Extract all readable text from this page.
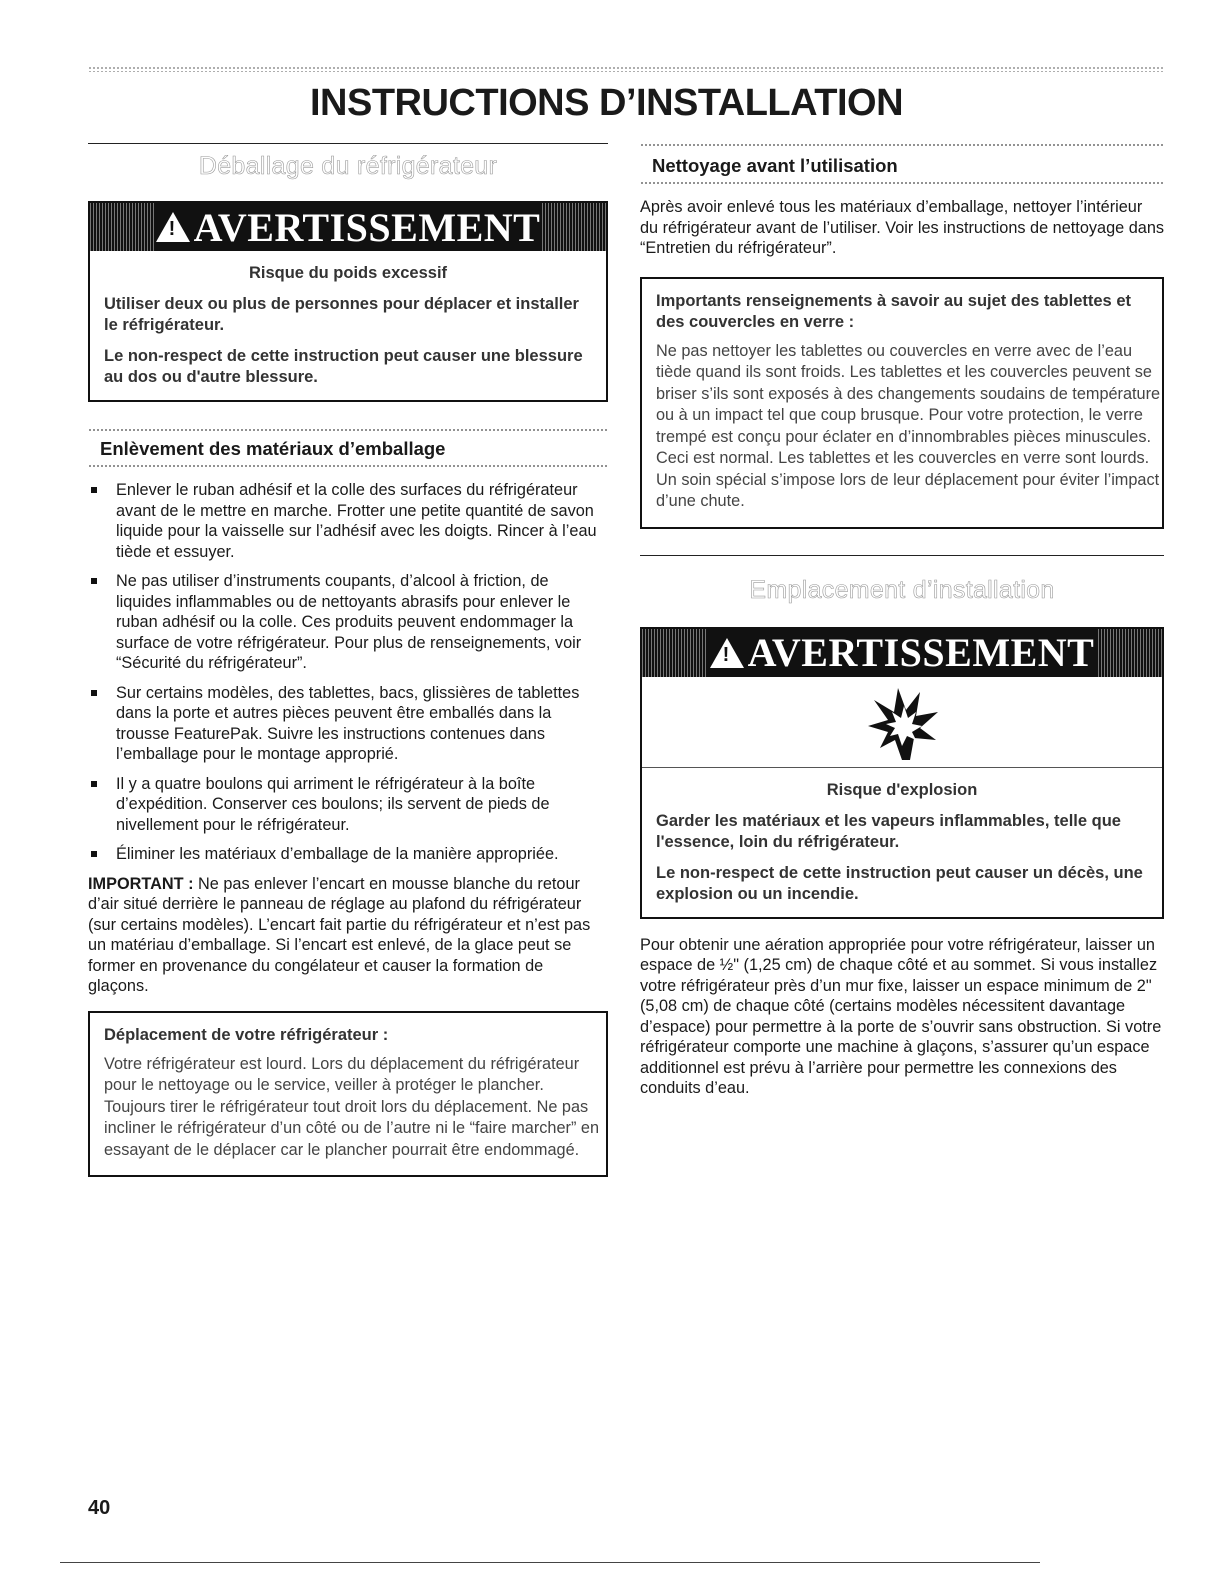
INSTRUCTIONS D’INSTALLATION
Déballage du réfrigérateur
! AVERTISSEMENT
Risque du poids excessif

Utiliser deux ou plus de personnes pour déplacer et installer le réfrigérateur.

Le non-respect de cette instruction peut causer une blessure au dos ou d'autre blessure.

Enlèvement des matériaux d’emballage
Enlever le ruban adhésif et la colle des surfaces du réfrigérateur avant de le mettre en marche. Frotter une petite quantité de savon liquide pour la vaisselle sur l’adhésif avec les doigts. Rincer à l’eau tiède et essuyer.
Ne pas utiliser d’instruments coupants, d’alcool à friction, de liquides inflammables ou de nettoyants abrasifs pour enlever le ruban adhésif ou la colle. Ces produits peuvent endommager la surface de votre réfrigérateur. Pour plus de renseignements, voir “Sécurité du réfrigérateur”.
Sur certains modèles, des tablettes, bacs, glissières de tablettes dans la porte et autres pièces peuvent être emballés dans la trousse FeaturePak. Suivre les instructions contenues dans l’emballage pour le montage approprié.
Il y a quatre boulons qui arriment le réfrigérateur à la boîte d’expédition. Conserver ces boulons; ils servent de pieds de nivellement pour le réfrigérateur.
Éliminer les matériaux d’emballage de la manière appropriée.

IMPORTANT : Ne pas enlever l’encart en mousse blanche du retour d’air situé derrière le panneau de réglage au plafond du réfrigérateur (sur certains modèles). L’encart fait partie du réfrigérateur et n’est pas un matériau d’emballage. Si l’encart est enlevé, de la glace peut se former en provenance du congélateur et causer la formation de glaçons.

Déplacement de votre réfrigérateur :
Votre réfrigérateur est lourd. Lors du déplacement du réfrigérateur pour le nettoyage ou le service, veiller à protéger le plancher. Toujours tirer le réfrigérateur tout droit lors du déplacement. Ne pas incliner le réfrigérateur d’un côté ou de l’autre ni le “faire marcher” en essayant de le déplacer car le plancher pourrait être endommagé.
Nettoyage avant l’utilisation

Après avoir enlevé tous les matériaux d’emballage, nettoyer l’intérieur du réfrigérateur avant de l’utiliser. Voir les instructions de nettoyage dans “Entretien du réfrigérateur”.

Importants renseignements à savoir au sujet des tablettes et des couvercles en verre :
Ne pas nettoyer les tablettes ou couvercles en verre avec de l’eau tiède quand ils sont froids. Les tablettes et les couvercles peuvent se briser s’ils sont exposés à des changements soudains de température ou à un impact tel que coup brusque. Pour votre protection, le verre trempé est conçu pour éclater en d’innombrables pièces minuscules. Ceci est normal. Les tablettes et les couvercles en verre sont lourds. Un soin spécial s’impose lors de leur déplacement pour éviter l’impact d’une chute.
Emplacement d’installation
! AVERTISSEMENT
Risque d'explosion

Garder les matériaux et les vapeurs inflammables, telle que l'essence, loin du réfrigérateur.

Le non-respect de cette instruction peut causer un décès, une explosion ou un incendie.

Pour obtenir une aération appropriée pour votre réfrigérateur, laisser un espace de ½" (1,25 cm) de chaque côté et au sommet. Si vous installez votre réfrigérateur près d’un mur fixe, laisser un espace minimum de 2" (5,08 cm) de chaque côté (certains modèles nécessitent davantage d’espace) pour permettre à la porte de s’ouvrir sans obstruction. Si votre réfrigérateur comporte une machine à glaçons, s’assurer qu’un espace additionnel est prévu à l’arrière pour permettre les connexions des conduits d’eau.

40
